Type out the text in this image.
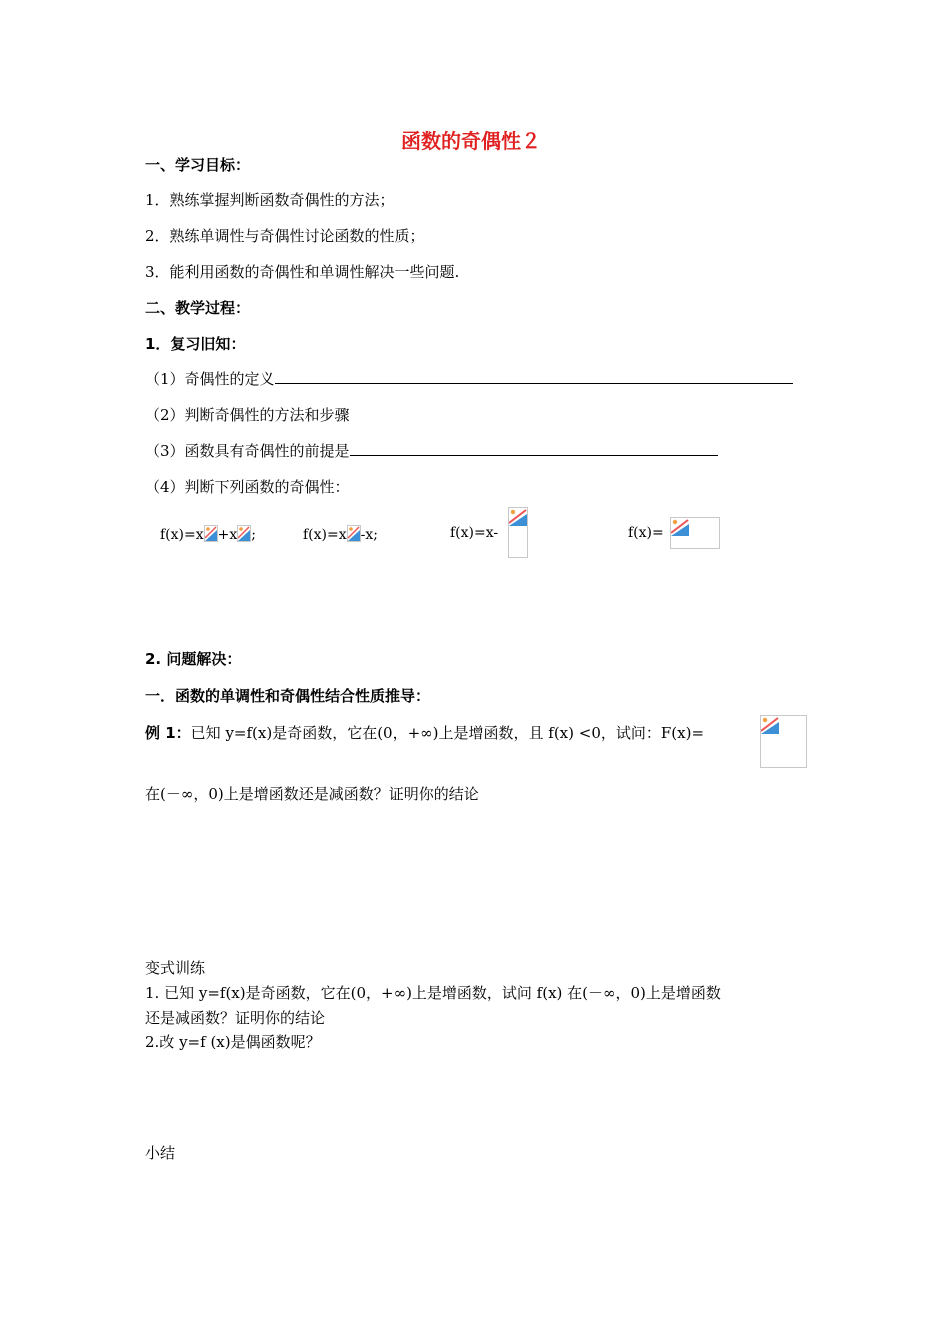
函数的奇偶性２
一、学习目标：
1．熟练掌握判断函数奇偶性的方法；
2．熟练单调性与奇偶性讨论函数的性质；
3．能利用函数的奇偶性和单调性解决一些问题.
二、教学过程：
1．复习旧知：
（1）奇偶性的定义
（2）判断奇偶性的方法和步骤
（3）函数具有奇偶性的前提是
（4）判断下列函数的奇偶性：
f(x)=x +x ;	f(x)=x -x;	f(x)=x-	f(x)=
2. 问题解决：
一．函数的单调性和奇偶性结合性质推导：
例 1：已知 y=f(x)是奇函数，它在(0，+∞)上是增函数，且 f(x) <0，试问：F(x)=
在(－∞，0)上是增函数还是减函数？证明你的结论
变式训练
1. 已知 y=f(x)是奇函数，它在(0，+∞)上是增函数，试问 f(x) 在(－∞，0)上是增函数
还是减函数？证明你的结论
2.改 y=f (x)是偶函数呢？
小结
